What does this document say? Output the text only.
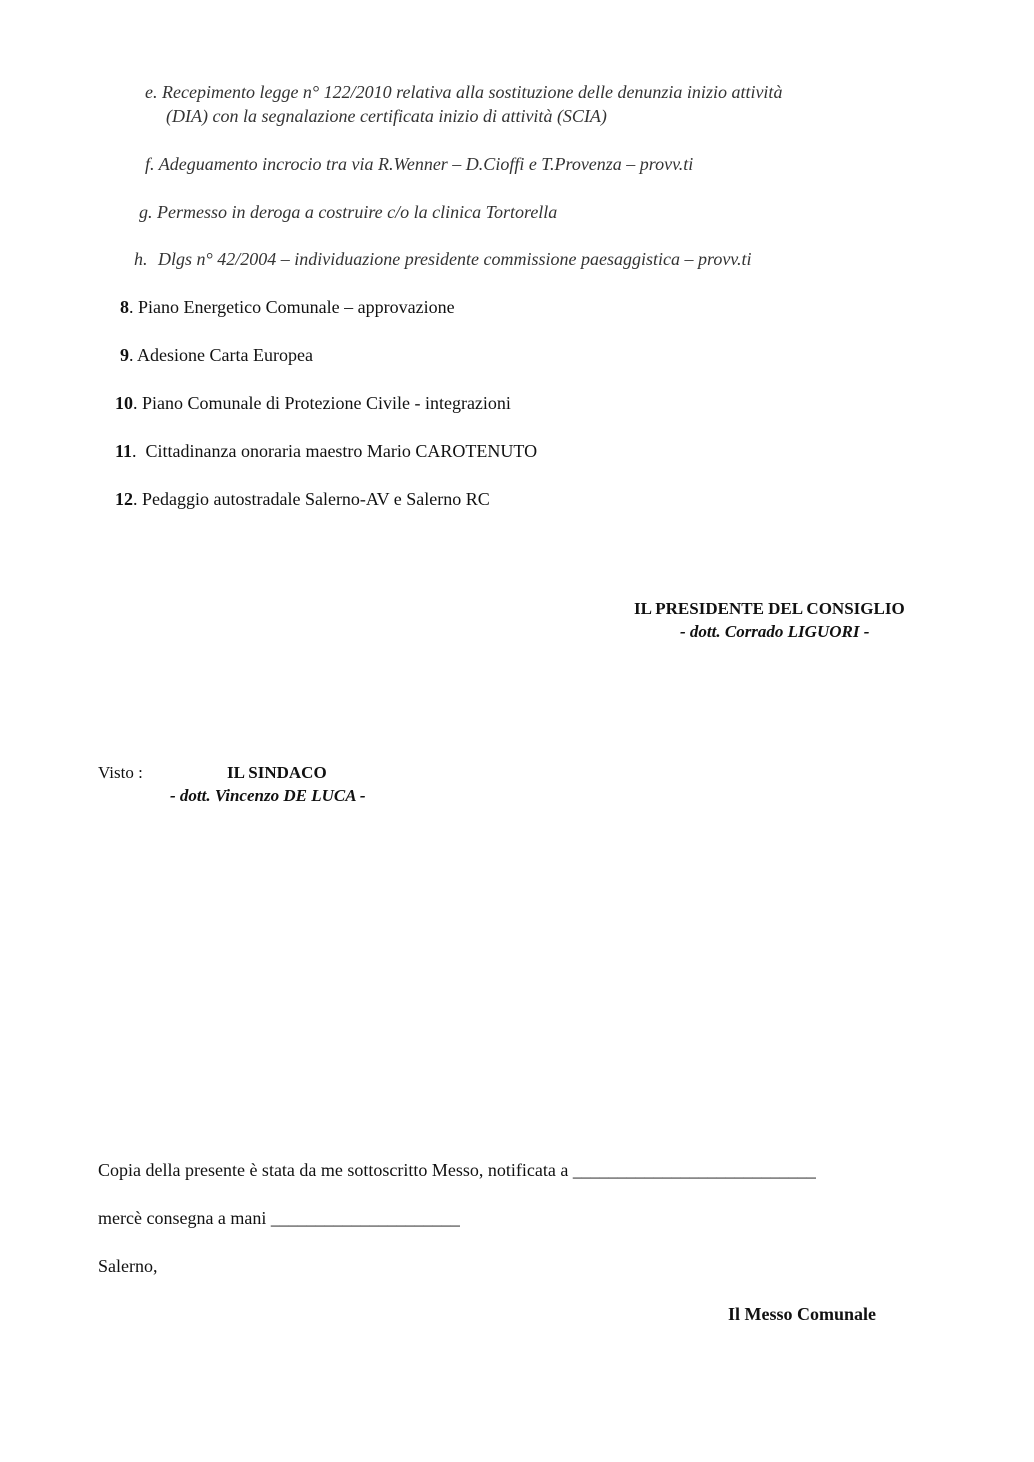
e. Recepimento legge n° 122/2010 relativa alla sostituzione delle denunzia inizio attività
(DIA) con la segnalazione certificata inizio di attività (SCIA)
f. Adeguamento incrocio tra via R.Wenner – D.Cioffi e T.Provenza – provv.ti
g. Permesso in deroga a costruire c/o la clinica Tortorella
h. Dlgs n° 42/2004 – individuazione presidente commissione paesaggistica – provv.ti
8. Piano Energetico Comunale – approvazione
9. Adesione Carta Europea
10. Piano Comunale di Protezione Civile - integrazioni
11.  Cittadinanza onoraria maestro Mario CAROTENUTO
12. Pedaggio autostradale Salerno-AV e Salerno RC
IL PRESIDENTE DEL CONSIGLIO
- dott. Corrado LIGUORI -
Visto :	IL SINDACO
- dott. Vincenzo DE LUCA -
Copia della presente è stata da me sottoscritto Messo, notificata a ___________________________
mercè consegna a mani _____________________
Salerno,
Il Messo Comunale
